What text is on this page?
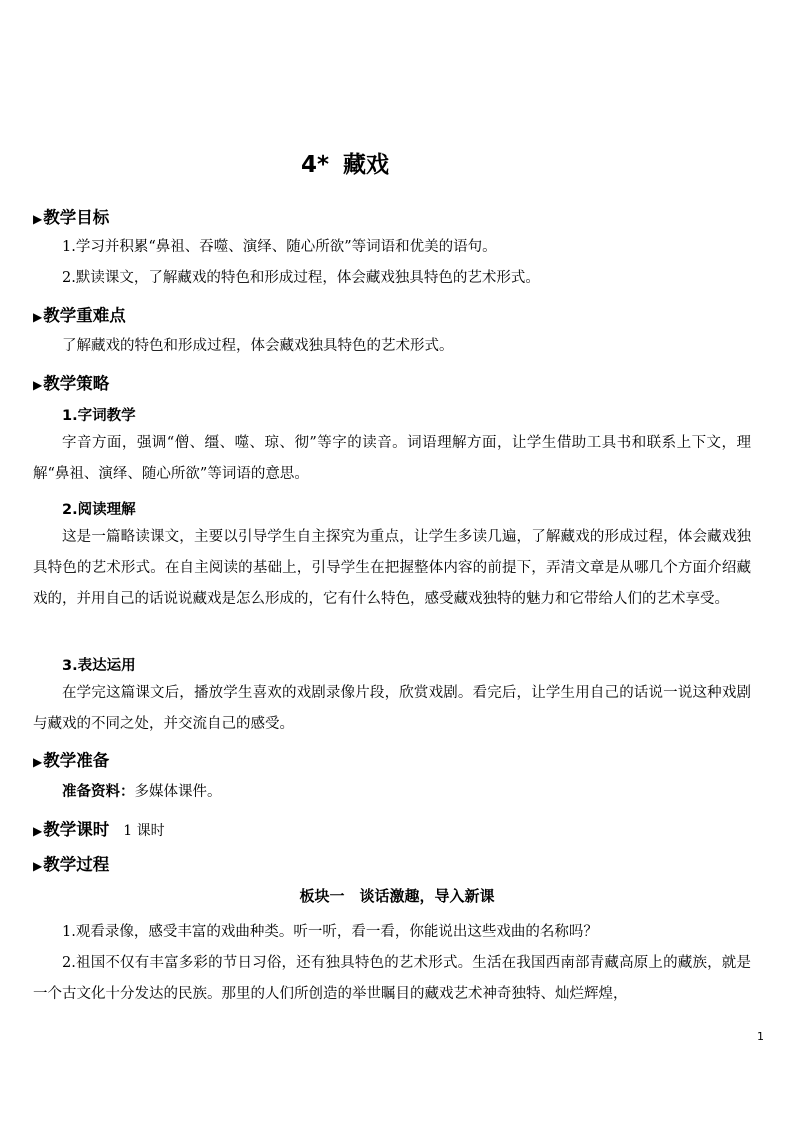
4* 藏戏
▶教学目标
1.学习并积累“鼻祖、吞噬、演绎、随心所欲”等词语和优美的语句。
2.默读课文，了解藏戏的特色和形成过程，体会藏戏独具特色的艺术形式。
▶教学重难点
了解藏戏的特色和形成过程，体会藏戏独具特色的艺术形式。
▶教学策略
1.字词教学
字音方面，强调“僧、缰、噬、琼、彻”等字的读音。词语理解方面，让学生借助工具书和联系上下文，理解“鼻祖、演绎、随心所欲”等词语的意思。
2.阅读理解
这是一篇略读课文，主要以引导学生自主探究为重点，让学生多读几遍，了解藏戏的形成过程，体会藏戏独具特色的艺术形式。在自主阅读的基础上，引导学生在把握整体内容的前提下，弄清文章是从哪几个方面介绍藏戏的，并用自己的话说说藏戏是怎么形成的，它有什么特色，感受藏戏独特的魅力和它带给人们的艺术享受。
3.表达运用
在学完这篇课文后，播放学生喜欢的戏剧录像片段，欣赏戏剧。看完后，让学生用自己的话说一说这种戏剧与藏戏的不同之处，并交流自己的感受。
▶教学准备
准备资料：多媒体课件。
▶教学课时 1 课时
▶教学过程
板块一　谈话激趣，导入新课
1.观看录像，感受丰富的戏曲种类。听一听，看一看，你能说出这些戏曲的名称吗？
2.祖国不仅有丰富多彩的节日习俗，还有独具特色的艺术形式。生活在我国西南部青藏高原上的藏族，就是一个古文化十分发达的民族。那里的人们所创造的举世瞩目的藏戏艺术神奇独特、灿烂辉煌，
1
